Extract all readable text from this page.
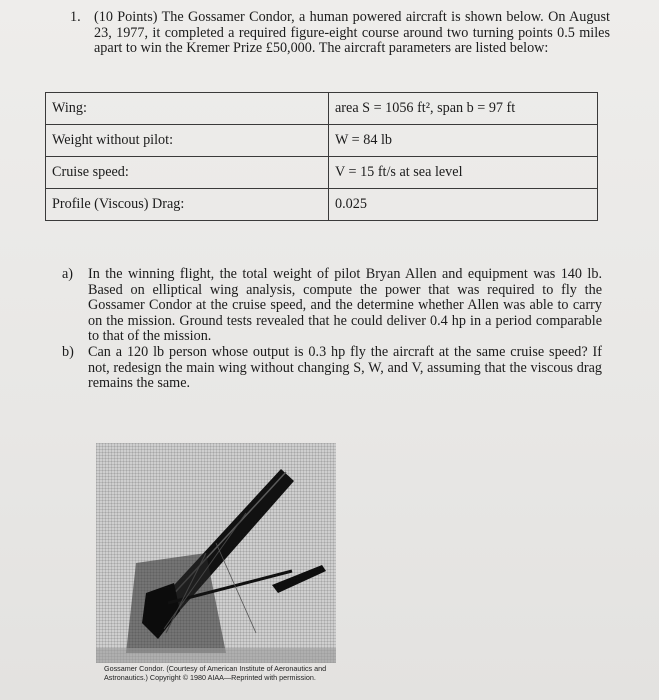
1. (10 Points) The Gossamer Condor, a human powered aircraft is shown below. On August 23, 1977, it completed a required figure-eight course around two turning points 0.5 miles apart to win the Kremer Prize £50,000. The aircraft parameters are listed below:
Wing:	area S = 1056 ft², span b = 97 ft
Weight without pilot:	W = 84 lb
Cruise speed:	V = 15 ft/s at sea level
Profile (Viscous) Drag:	0.025
a) In the winning flight, the total weight of pilot Bryan Allen and equipment was 140 lb. Based on elliptical wing analysis, compute the power that was required to fly the Gossamer Condor at the cruise speed, and the determine whether Allen was able to carry on the mission. Ground tests revealed that he could deliver 0.4 hp in a period comparable to that of the mission.
b) Can a 120 lb person whose output is 0.3 hp fly the aircraft at the same cruise speed? If not, redesign the main wing without changing S, W, and V, assuming that the viscous drag remains the same.
Gossamer Condor. (Courtesy of American Institute of Aeronautics and
Astronautics.) Copyright © 1980 AIAA—Reprinted with permission.
